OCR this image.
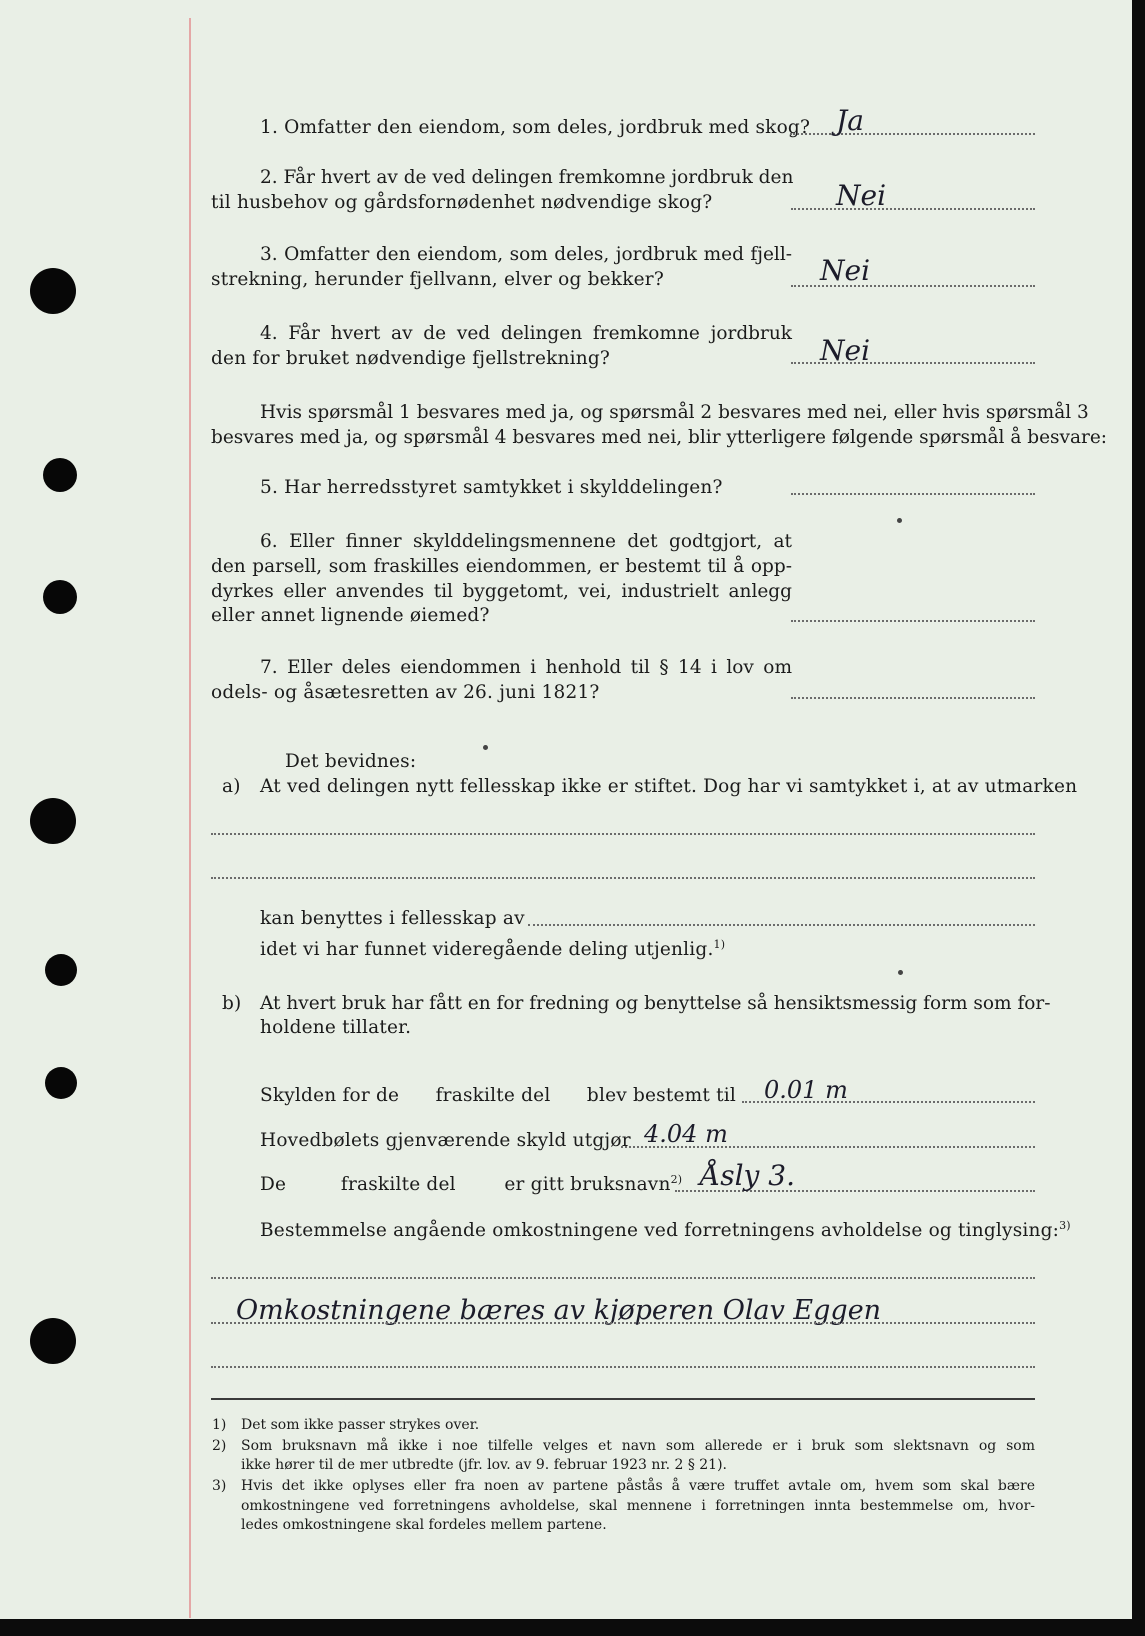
1. Omfatter den eiendom, som deles, jordbruk med skog? Ja
2. Får hvert av de ved delingen fremkomne jordbruk den
til husbehov og gårdsfornødenhet nødvendige skog?	Nei
3. Omfatter den eiendom, som deles, jordbruk med fjell-
strekning, herunder fjellvann, elver og bekker?	Nei
4. Får hvert av de ved delingen fremkomne jordbruk
den for bruket nødvendige fjellstrekning?	Nei
Hvis spørsmål 1 besvares med ja, og spørsmål 2 besvares med nei, eller hvis spørsmål 3
besvares med ja, og spørsmål 4 besvares med nei, blir ytterligere følgende spørsmål å besvare:
5. Har herredsstyret samtykket i skylddelingen?
6. Eller finner skylddelingsmennene det godtgjort, at
den parsell, som fraskilles eiendommen, er bestemt til å opp-
dyrkes eller anvendes til byggetomt, vei, industrielt anlegg
eller annet lignende øiemed?
7. Eller deles eiendommen i henhold til § 14 i lov om
odels- og åsætesretten av 26. juni 1821?
Det bevidnes:
a) At ved delingen nytt fellesskap ikke er stiftet. Dog har vi samtykket i, at av utmarken
kan benyttes i fellesskap av
idet vi har funnet videregående deling utjenlig.$^{1)}$
b) At hvert bruk har fått en for fredning og benyttelse så hensiktsmessig form som for-
holdene tillater.
Skylden for de      fraskilte del      blev bestemt til 0.01 m
Hovedbølets gjenværende skyld utgjør 4.04 m
De         fraskilte del        er gitt bruksnavn$^{2)}$ Åsly 3.
Bestemmelse angående omkostningene ved forretningens avholdelse og tinglysing:$^{3)}$
Omkostningene bæres av kjøperen Olav Eggen
1) Det som ikke passer strykes over.
2) Som bruksnavn må ikke i noe tilfelle velges et navn som allerede er i bruk som slektsnavn og som
ikke hører til de mer utbredte (jfr. lov. av 9. februar 1923 nr. 2 § 21).
3) Hvis det ikke oplyses eller fra noen av partene påstås å være truffet avtale om, hvem som skal bære
omkostningene ved forretningens avholdelse, skal mennene i forretningen innta bestemmelse om, hvor-
ledes omkostningene skal fordeles mellem partene.
